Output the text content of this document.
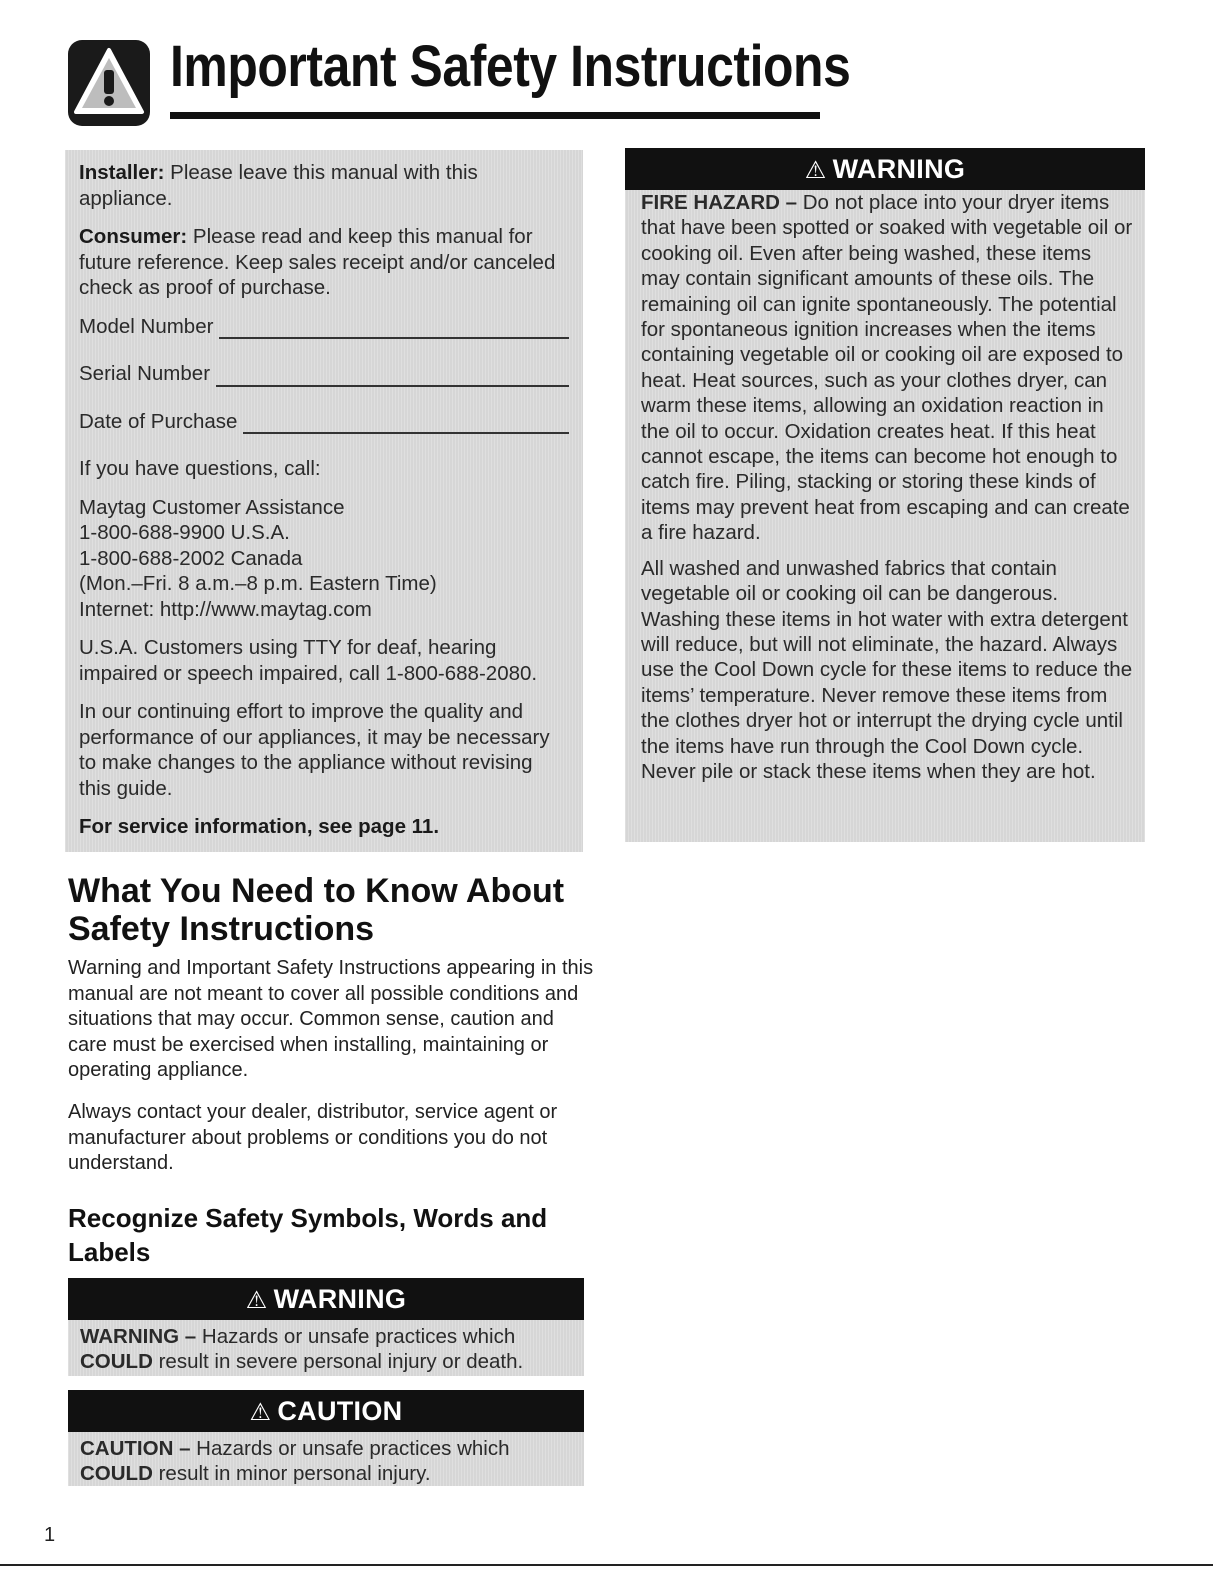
Important Safety Instructions

Installer: Please leave this manual with this appliance.

Consumer: Please read and keep this manual for future reference. Keep sales receipt and/or canceled check as proof of purchase.

Model Number
Serial Number
Date of Purchase

If you have questions, call:

Maytag Customer Assistance

1-800-688-9900 U.S.A.

1-800-688-2002 Canada

(Mon.–Fri. 8 a.m.–8 p.m. Eastern Time)

Internet: http://www.maytag.com

U.S.A. Customers using TTY for deaf, hearing impaired or speech impaired, call 1-800-688-2080.

In our continuing effort to improve the quality and performance of our appliances, it may be necessary to make changes to the appliance without revising this guide.

For service information, see page 11.

⚠ WARNING

FIRE HAZARD – Do not place into your dryer items that have been spotted or soaked with vegetable oil or cooking oil. Even after being washed, these items may contain significant amounts of these oils. The remaining oil can ignite spontaneously. The potential for spontaneous ignition increases when the items containing vegetable oil or cooking oil are exposed to heat. Heat sources, such as your clothes dryer, can warm these items, allowing an oxidation reaction in the oil to occur. Oxidation creates heat. If this heat cannot escape, the items can become hot enough to catch fire. Piling, stacking or storing these kinds of items may prevent heat from escaping and can create a fire hazard.

All washed and unwashed fabrics that contain vegetable oil or cooking oil can be dangerous. Washing these items in hot water with extra detergent will reduce, but will not eliminate, the hazard. Always use the Cool Down cycle for these items to reduce the items’ temperature. Never remove these items from the clothes dryer hot or interrupt the drying cycle until the items have run through the Cool Down cycle. Never pile or stack these items when they are hot.

What You Need to Know About Safety Instructions

Warning and Important Safety Instructions appearing in this manual are not meant to cover all possible conditions and situations that may occur. Common sense, caution and care must be exercised when installing, maintaining or operating appliance.

Always contact your dealer, distributor, service agent or manufacturer about problems or conditions you do not understand.

Recognize Safety Symbols, Words and Labels
⚠ WARNING
WARNING – Hazards or unsafe practices which COULD result in severe personal injury or death.
⚠ CAUTION
CAUTION – Hazards or unsafe practices which COULD result in minor personal injury.

1
